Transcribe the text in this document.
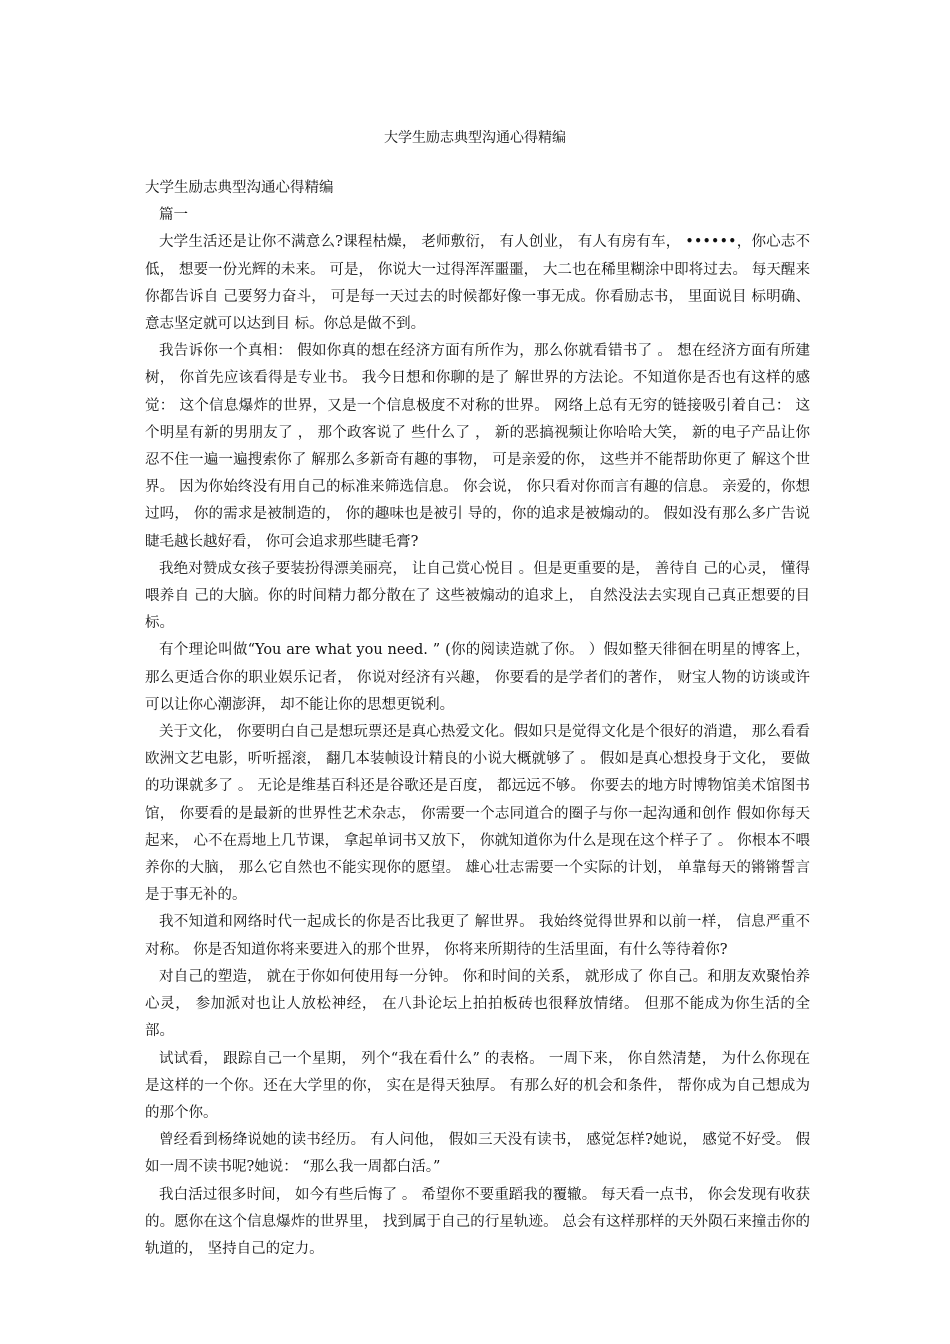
大学生励志典型沟通心得精编

大学生励志典型沟通心得精编

篇一

大学生活还是让你不满意么?课程枯燥， 老师敷衍， 有人创业， 有人有房有车， ••••••，你心志不低， 想要一份光辉的未来。 可是， 你说大一过得浑浑噩噩， 大二也在稀里糊涂中即将过去。 每天醒来你都告诉自 己要努力奋斗， 可是每一天过去的时候都好像一事无成。你看励志书， 里面说目 标明确、 意志坚定就可以达到目 标。你总是做不到。

我告诉你一个真相： 假如你真的想在经济方面有所作为，那么你就看错书了 。 想在经济方面有所建树， 你首先应该看得是专业书。 我今日想和你聊的是了 解世界的方法论。不知道你是否也有这样的感觉： 这个信息爆炸的世界，又是一个信息极度不对称的世界。 网络上总有无穷的链接吸引着自己： 这个明星有新的男朋友了 ， 那个政客说了 些什么了 ， 新的恶搞视频让你哈哈大笑， 新的电子产品让你忍不住一遍一遍搜索你了 解那么多新奇有趣的事物， 可是亲爱的你， 这些并不能帮助你更了 解这个世界。 因为你始终没有用自己的标准来筛选信息。 你会说， 你只看对你而言有趣的信息。 亲爱的，你想过吗， 你的需求是被制造的， 你的趣味也是被引 导的，你的追求是被煽动的。 假如没有那么多广告说睫毛越长越好看， 你可会追求那些睫毛膏?

我绝对赞成女孩子要装扮得漂美丽亮， 让自己赏心悦目 。但是更重要的是， 善待自 己的心灵， 懂得喂养自 己的大脑。你的时间精力都分散在了 这些被煽动的追求上， 自然没法去实现自己真正想要的目标。

有个理论叫做“You are what you need. ” (你的阅读造就了你。 ）假如整天徘徊在明星的博客上， 那么更适合你的职业娱乐记者， 你说对经济有兴趣， 你要看的是学者们的著作， 财宝人物的访谈或许可以让你心潮澎湃， 却不能让你的思想更锐利。

关于文化， 你要明白自己是想玩票还是真心热爱文化。假如只是觉得文化是个很好的消遣， 那么看看欧洲文艺电影，听听摇滚， 翻几本装帧设计精良的小说大概就够了 。 假如是真心想投身于文化， 要做的功课就多了 。 无论是维基百科还是谷歌还是百度， 都远远不够。 你要去的地方时博物馆美术馆图书馆， 你要看的是最新的世界性艺术杂志， 你需要一个志同道合的圈子与你一起沟通和创作 假如你每天起来， 心不在焉地上几节课， 拿起单词书又放下， 你就知道你为什么是现在这个样子了 。 你根本不喂养你的大脑， 那么它自然也不能实现你的愿望。 雄心壮志需要一个实际的计划， 单靠每天的锵锵誓言是于事无补的。

我不知道和网络时代一起成长的你是否比我更了 解世界。 我始终觉得世界和以前一样， 信息严重不对称。 你是否知道你将来要进入的那个世界， 你将来所期待的生活里面，有什么等待着你?

对自己的塑造， 就在于你如何使用每一分钟。 你和时间的关系， 就形成了 你自己。和朋友欢聚怡养心灵， 参加派对也让人放松神经， 在八卦论坛上拍拍板砖也很释放情绪。 但那不能成为你生活的全部。

试试看， 跟踪自己一个星期， 列个“我在看什么” 的表格。 一周下来， 你自然清楚， 为什么你现在是这样的一个你。还在大学里的你， 实在是得天独厚。 有那么好的机会和条件， 帮你成为自己想成为的那个你。

曾经看到杨绛说她的读书经历。 有人问他， 假如三天没有读书， 感觉怎样?她说， 感觉不好受。 假如一周不读书呢?她说： “那么我一周都白活。”

我白活过很多时间， 如今有些后悔了 。 希望你不要重蹈我的覆辙。 每天看一点书， 你会发现有收获的。愿你在这个信息爆炸的世界里， 找到属于自己的行星轨迹。 总会有这样那样的天外陨石来撞击你的轨道的， 坚持自己的定力。
